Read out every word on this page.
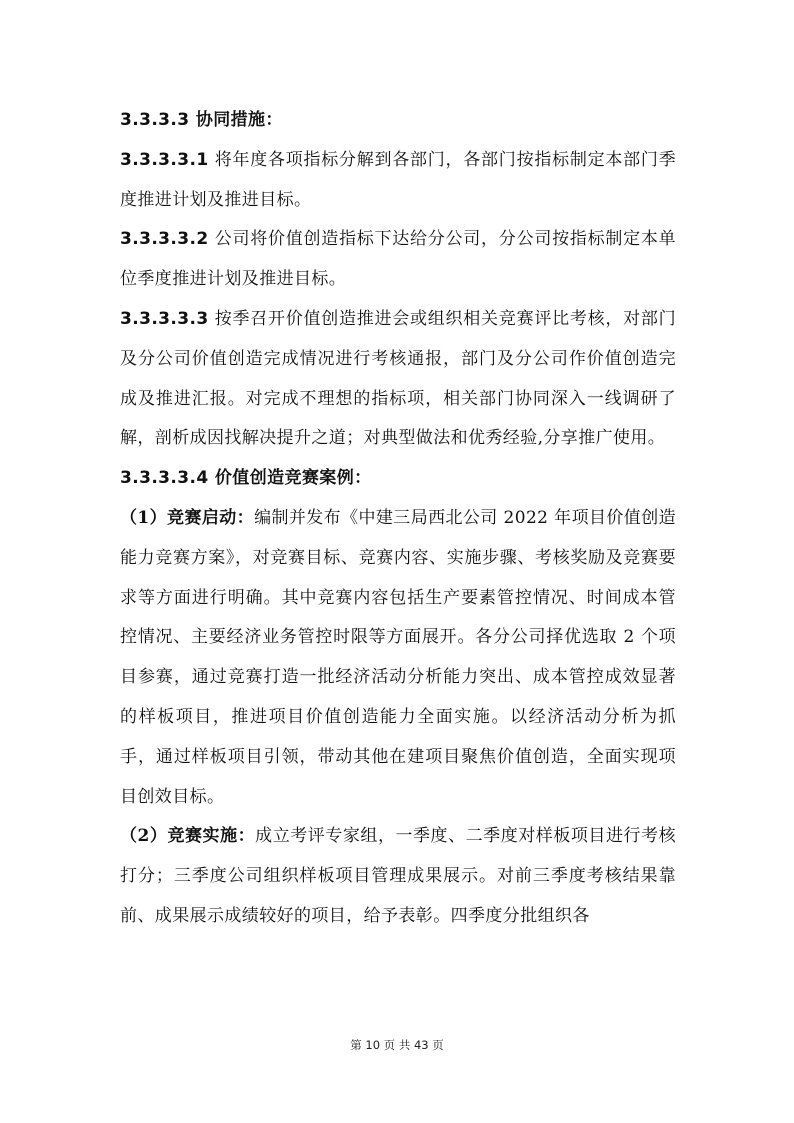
3.3.3.3 协同措施：

3.3.3.3.1 将年度各项指标分解到各部门，各部门按指标制定本部门季度推进计划及推进目标。

3.3.3.3.2 公司将价值创造指标下达给分公司，分公司按指标制定本单位季度推进计划及推进目标。

3.3.3.3.3 按季召开价值创造推进会或组织相关竞赛评比考核，对部门及分公司价值创造完成情况进行考核通报，部门及分公司作价值创造完成及推进汇报。对完成不理想的指标项，相关部门协同深入一线调研了解，剖析成因找解决提升之道；对典型做法和优秀经验,分享推广使用。

3.3.3.3.4 价值创造竞赛案例：

（1）竞赛启动：编制并发布《中建三局西北公司 2022 年项目价值创造能力竞赛方案》，对竞赛目标、竞赛内容、实施步骤、考核奖励及竞赛要求等方面进行明确。其中竞赛内容包括生产要素管控情况、时间成本管控情况、主要经济业务管控时限等方面展开。各分公司择优选取 2 个项目参赛，通过竞赛打造一批经济活动分析能力突出、成本管控成效显著的样板项目，推进项目价值创造能力全面实施。以经济活动分析为抓手，通过样板项目引领，带动其他在建项目聚焦价值创造，全面实现项目创效目标。

（2）竞赛实施：成立考评专家组，一季度、二季度对样板项目进行考核打分；三季度公司组织样板项目管理成果展示。对前三季度考核结果靠前、成果展示成绩较好的项目，给予表彰。四季度分批组织各

第 10 页 共 43 页
